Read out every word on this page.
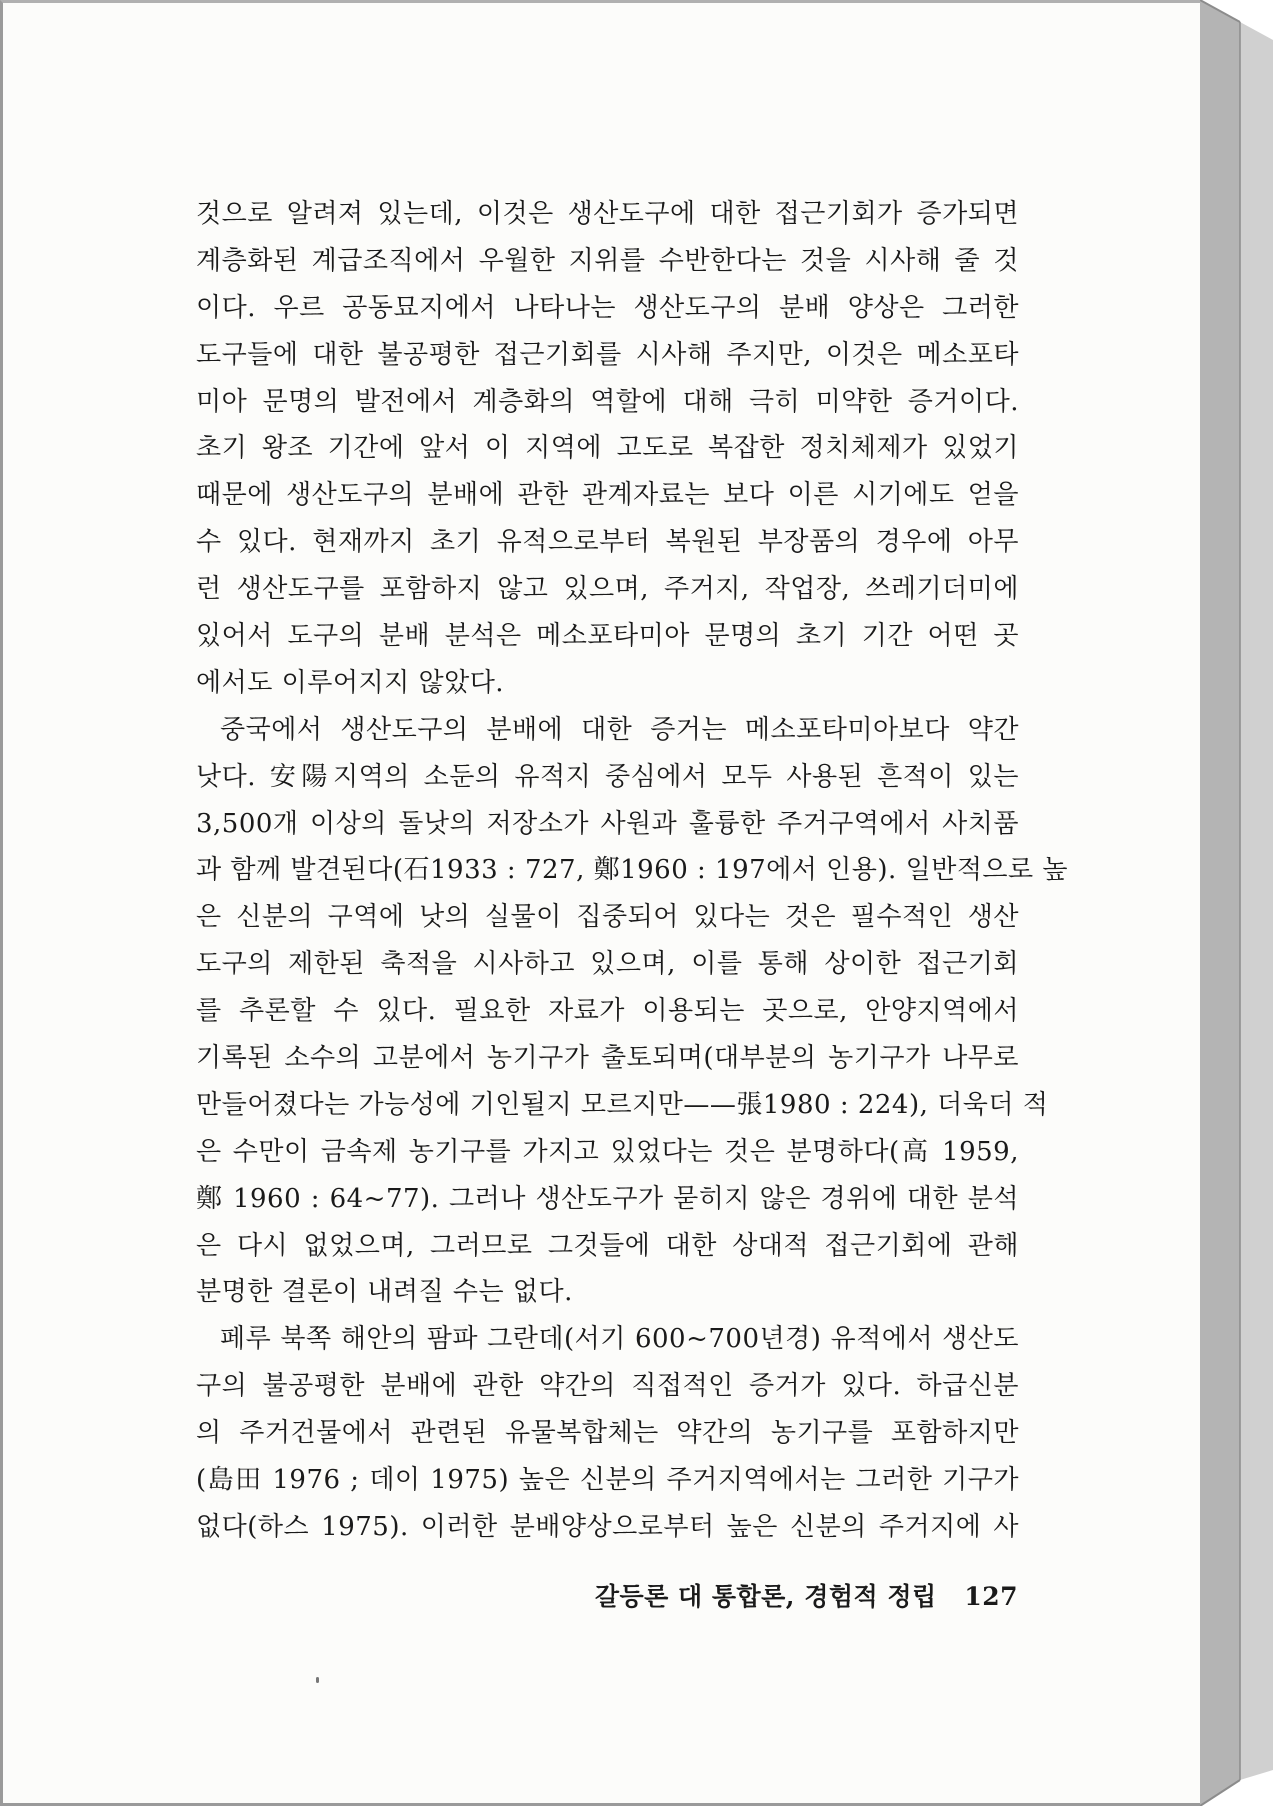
것으로 알려져 있는데, 이것은 생산도구에 대한 접근기회가 증가되면
계층화된 계급조직에서 우월한 지위를 수반한다는 것을 시사해 줄 것
이다. 우르 공동묘지에서 나타나는 생산도구의 분배 양상은 그러한
도구들에 대한 불공평한 접근기회를 시사해 주지만, 이것은 메소포타
미아 문명의 발전에서 계층화의 역할에 대해 극히 미약한 증거이다.
초기 왕조 기간에 앞서 이 지역에 고도로 복잡한 정치체제가 있었기
때문에 생산도구의 분배에 관한 관계자료는 보다 이른 시기에도 얻을
수 있다. 현재까지 초기 유적으로부터 복원된 부장품의 경우에 아무
런 생산도구를 포함하지 않고 있으며, 주거지, 작업장, 쓰레기더미에
있어서 도구의 분배 분석은 메소포타미아 문명의 초기 기간 어떤 곳
에서도 이루어지지 않았다.
중국에서 생산도구의 분배에 대한 증거는 메소포타미아보다 약간
낫다. 安陽지역의 소둔의 유적지 중심에서 모두 사용된 흔적이 있는
3,500개 이상의 돌낫의 저장소가 사원과 훌륭한 주거구역에서 사치품
과 함께 발견된다(石1933 : 727, 鄭1960 : 197에서 인용). 일반적으로 높
은 신분의 구역에 낫의 실물이 집중되어 있다는 것은 필수적인 생산
도구의 제한된 축적을 시사하고 있으며, 이를 통해 상이한 접근기회
를 추론할 수 있다. 필요한 자료가 이용되는 곳으로, 안양지역에서
기록된 소수의 고분에서 농기구가 출토되며(대부분의 농기구가 나무로
만들어졌다는 가능성에 기인될지 모르지만——張1980 : 224), 더욱더 적
은 수만이 금속제 농기구를 가지고 있었다는 것은 분명하다(高 1959,
鄭 1960 : 64~77). 그러나 생산도구가 묻히지 않은 경위에 대한 분석
은 다시 없었으며, 그러므로 그것들에 대한 상대적 접근기회에 관해
분명한 결론이 내려질 수는 없다.
페루 북쪽 해안의 팜파 그란데(서기 600~700년경) 유적에서 생산도
구의 불공평한 분배에 관한 약간의 직접적인 증거가 있다. 하급신분
의 주거건물에서 관련된 유물복합체는 약간의 농기구를 포함하지만
(島田 1976 ; 데이 1975) 높은 신분의 주거지역에서는 그러한 기구가
없다(하스 1975). 이러한 분배양상으로부터 높은 신분의 주거지에 사
갈등론 대 통합론, 경험적 정립 127
